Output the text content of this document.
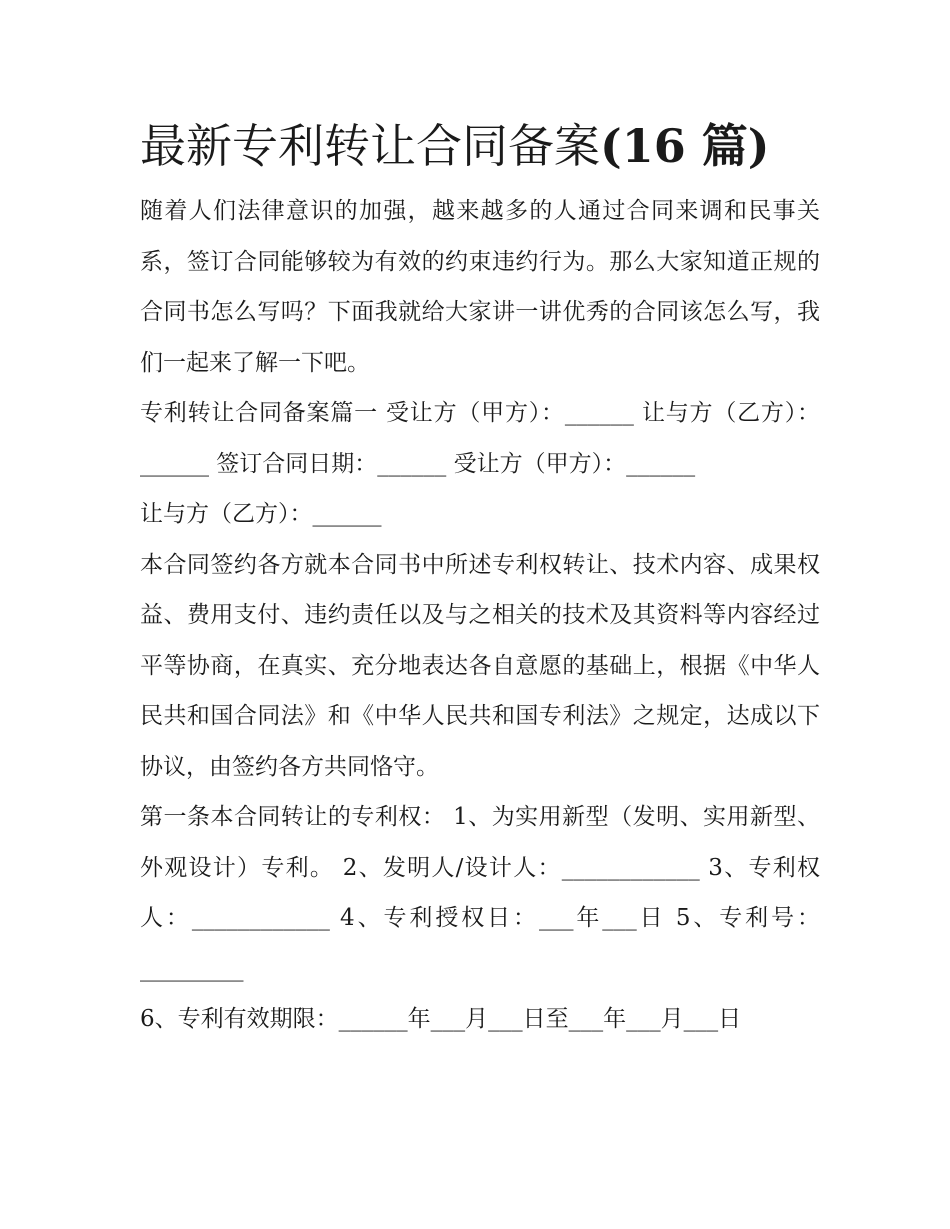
最新专利转让合同备案(16 篇)

随着人们法律意识的加强，越来越多的人通过合同来调和民事关系，签订合同能够较为有效的约束违约行为。那么大家知道正规的合同书怎么写吗？下面我就给大家讲一讲优秀的合同该怎么写，我们一起来了解一下吧。

专利转让合同备案篇一 受让方（甲方）：______ 让与方（乙方）：______ 签订合同日期：______ 受让方（甲方）：______

让与方（乙方）：______

本合同签约各方就本合同书中所述专利权转让、技术内容、成果权益、费用支付、违约责任以及与之相关的技术及其资料等内容经过平等协商，在真实、充分地表达各自意愿的基础上，根据《中华人民共和国合同法》和《中华人民共和国专利法》之规定，达成以下协议，由签约各方共同恪守。

第一条本合同转让的专利权： 1、为实用新型（发明、实用新型、外观设计）专利。 2、发明人/设计人：____________ 3、专利权人：____________ 4、专利授权日：___年___日 5、专利号：_________

6、专利有效期限：______年___月___日至___年___月___日
